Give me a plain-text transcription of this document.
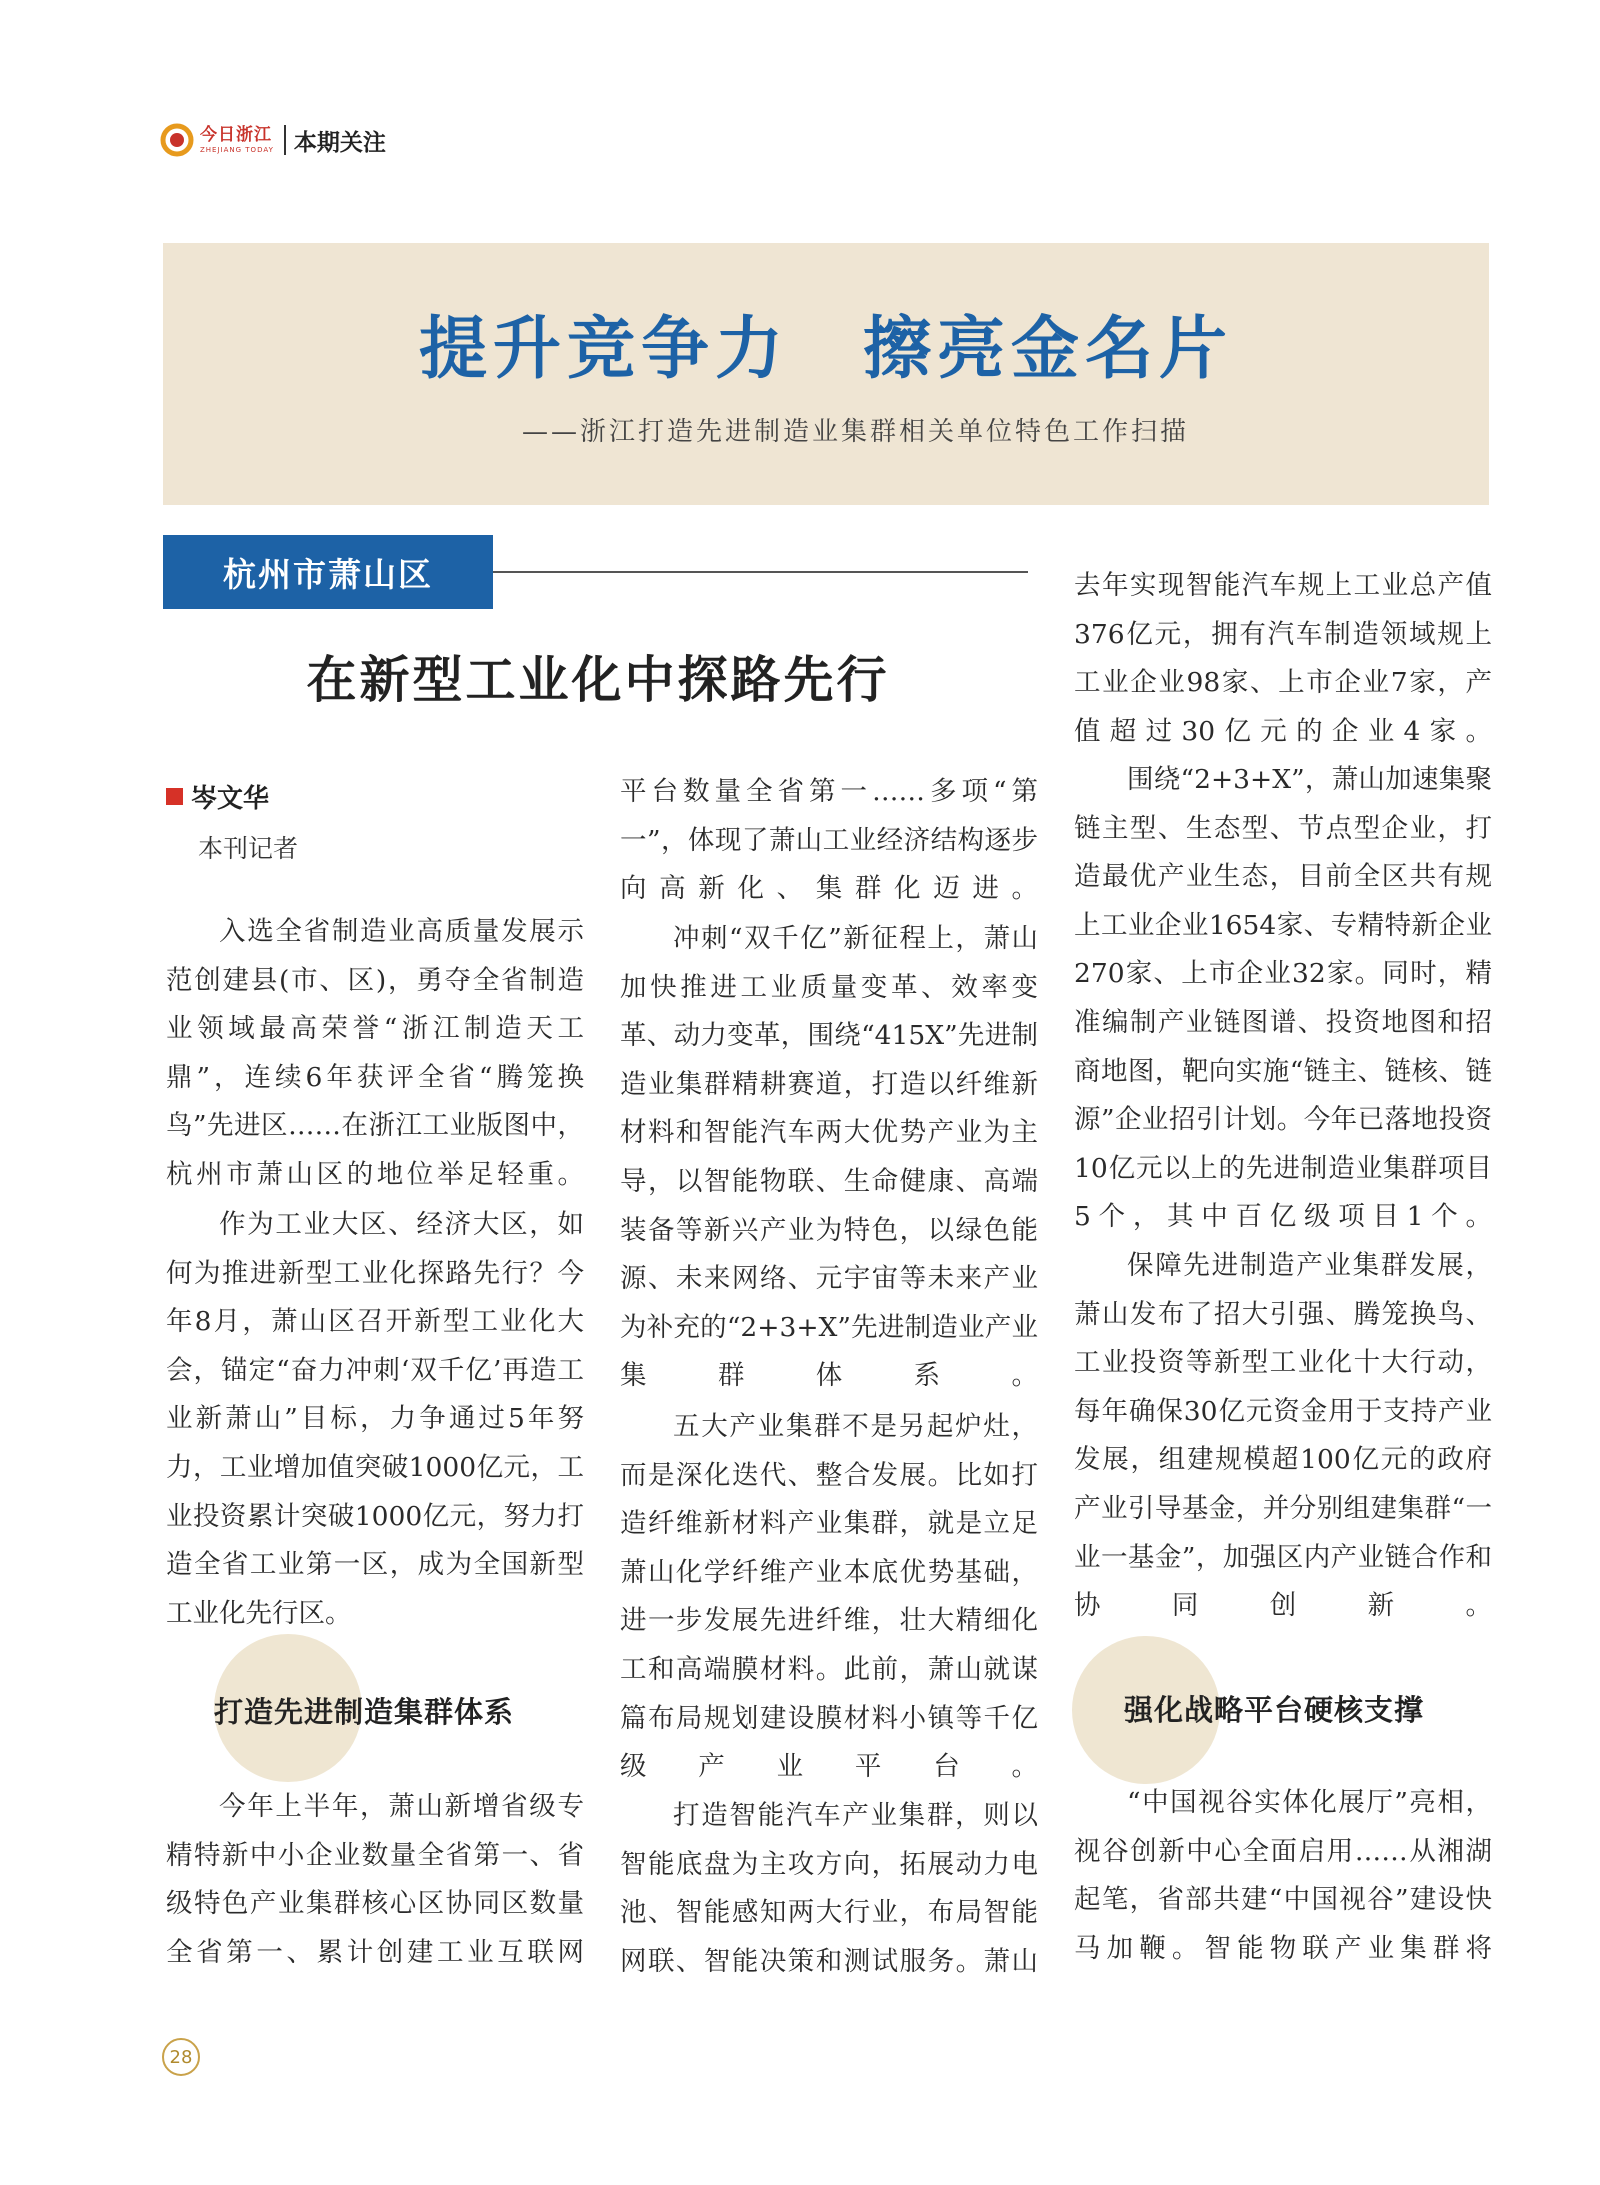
今日浙江
ZHEJIANG TODAY 本期关注
提升竞争力　擦亮金名片
——浙江打造先进制造业集群相关单位特色工作扫描
杭州市萧山区
在新型工业化中探路先行
岑文华
本刊记者

入选全省制造业高质量发展示范创建县(市、区)，勇夺全省制造业领域最高荣誉“浙江制造天工鼎”，连续6年获评全省“腾笼换鸟”先进区……在浙江工业版图中，杭州市萧山区的地位举足轻重。

作为工业大区、经济大区，如何为推进新型工业化探路先行？今年8月，萧山区召开新型工业化大会，锚定“奋力冲刺‘双千亿’再造工业新萧山”目标，力争通过5年努力，工业增加值突破1000亿元，工业投资累计突破1000亿元，努力打造全省工业第一区，成为全国新型工业化先行区。

打造先进制造集群体系

今年上半年，萧山新增省级专精特新中小企业数量全省第一、省级特色产业集群核心区协同区数量全省第一、累计创建工业互联网

平台数量全省第一……多项“第一”，体现了萧山工业经济结构逐步向高新化、集群化迈进。

冲刺“双千亿”新征程上，萧山加快推进工业质量变革、效率变革、动力变革，围绕“415X”先进制造业集群精耕赛道，打造以纤维新材料和智能汽车两大优势产业为主导，以智能物联、生命健康、高端装备等新兴产业为特色，以绿色能源、未来网络、元宇宙等未来产业为补充的“2+3+X”先进制造业产业集群体系。

五大产业集群不是另起炉灶，而是深化迭代、整合发展。比如打造纤维新材料产业集群，就是立足萧山化学纤维产业本底优势基础，进一步发展先进纤维，壮大精细化工和高端膜材料。此前，萧山就谋篇布局规划建设膜材料小镇等千亿级产业平台。

打造智能汽车产业集群，则以智能底盘为主攻方向，拓展动力电池、智能感知两大行业，布局智能网联、智能决策和测试服务。萧山

去年实现智能汽车规上工业总产值376亿元，拥有汽车制造领域规上工业企业98家、上市企业7家，产值超过30亿元的企业4家。

围绕“2+3+X”，萧山加速集聚链主型、生态型、节点型企业，打造最优产业生态，目前全区共有规上工业企业1654家、专精特新企业270家、上市企业32家。同时，精准编制产业链图谱、投资地图和招商地图，靶向实施“链主、链核、链源”企业招引计划。今年已落地投资10亿元以上的先进制造业集群项目5个，其中百亿级项目1个。

保障先进制造产业集群发展，萧山发布了招大引强、腾笼换鸟、工业投资等新型工业化十大行动，每年确保30亿元资金用于支持产业发展，组建规模超100亿元的政府产业引导基金，并分别组建集群“一业一基金”，加强区内产业链合作和协同创新。

强化战略平台硬核支撑

“中国视谷实体化展厅”亮相，视谷创新中心全面启用……从湘湖起笔，省部共建“中国视谷”建设快马加鞭。智能物联产业集群将

28
